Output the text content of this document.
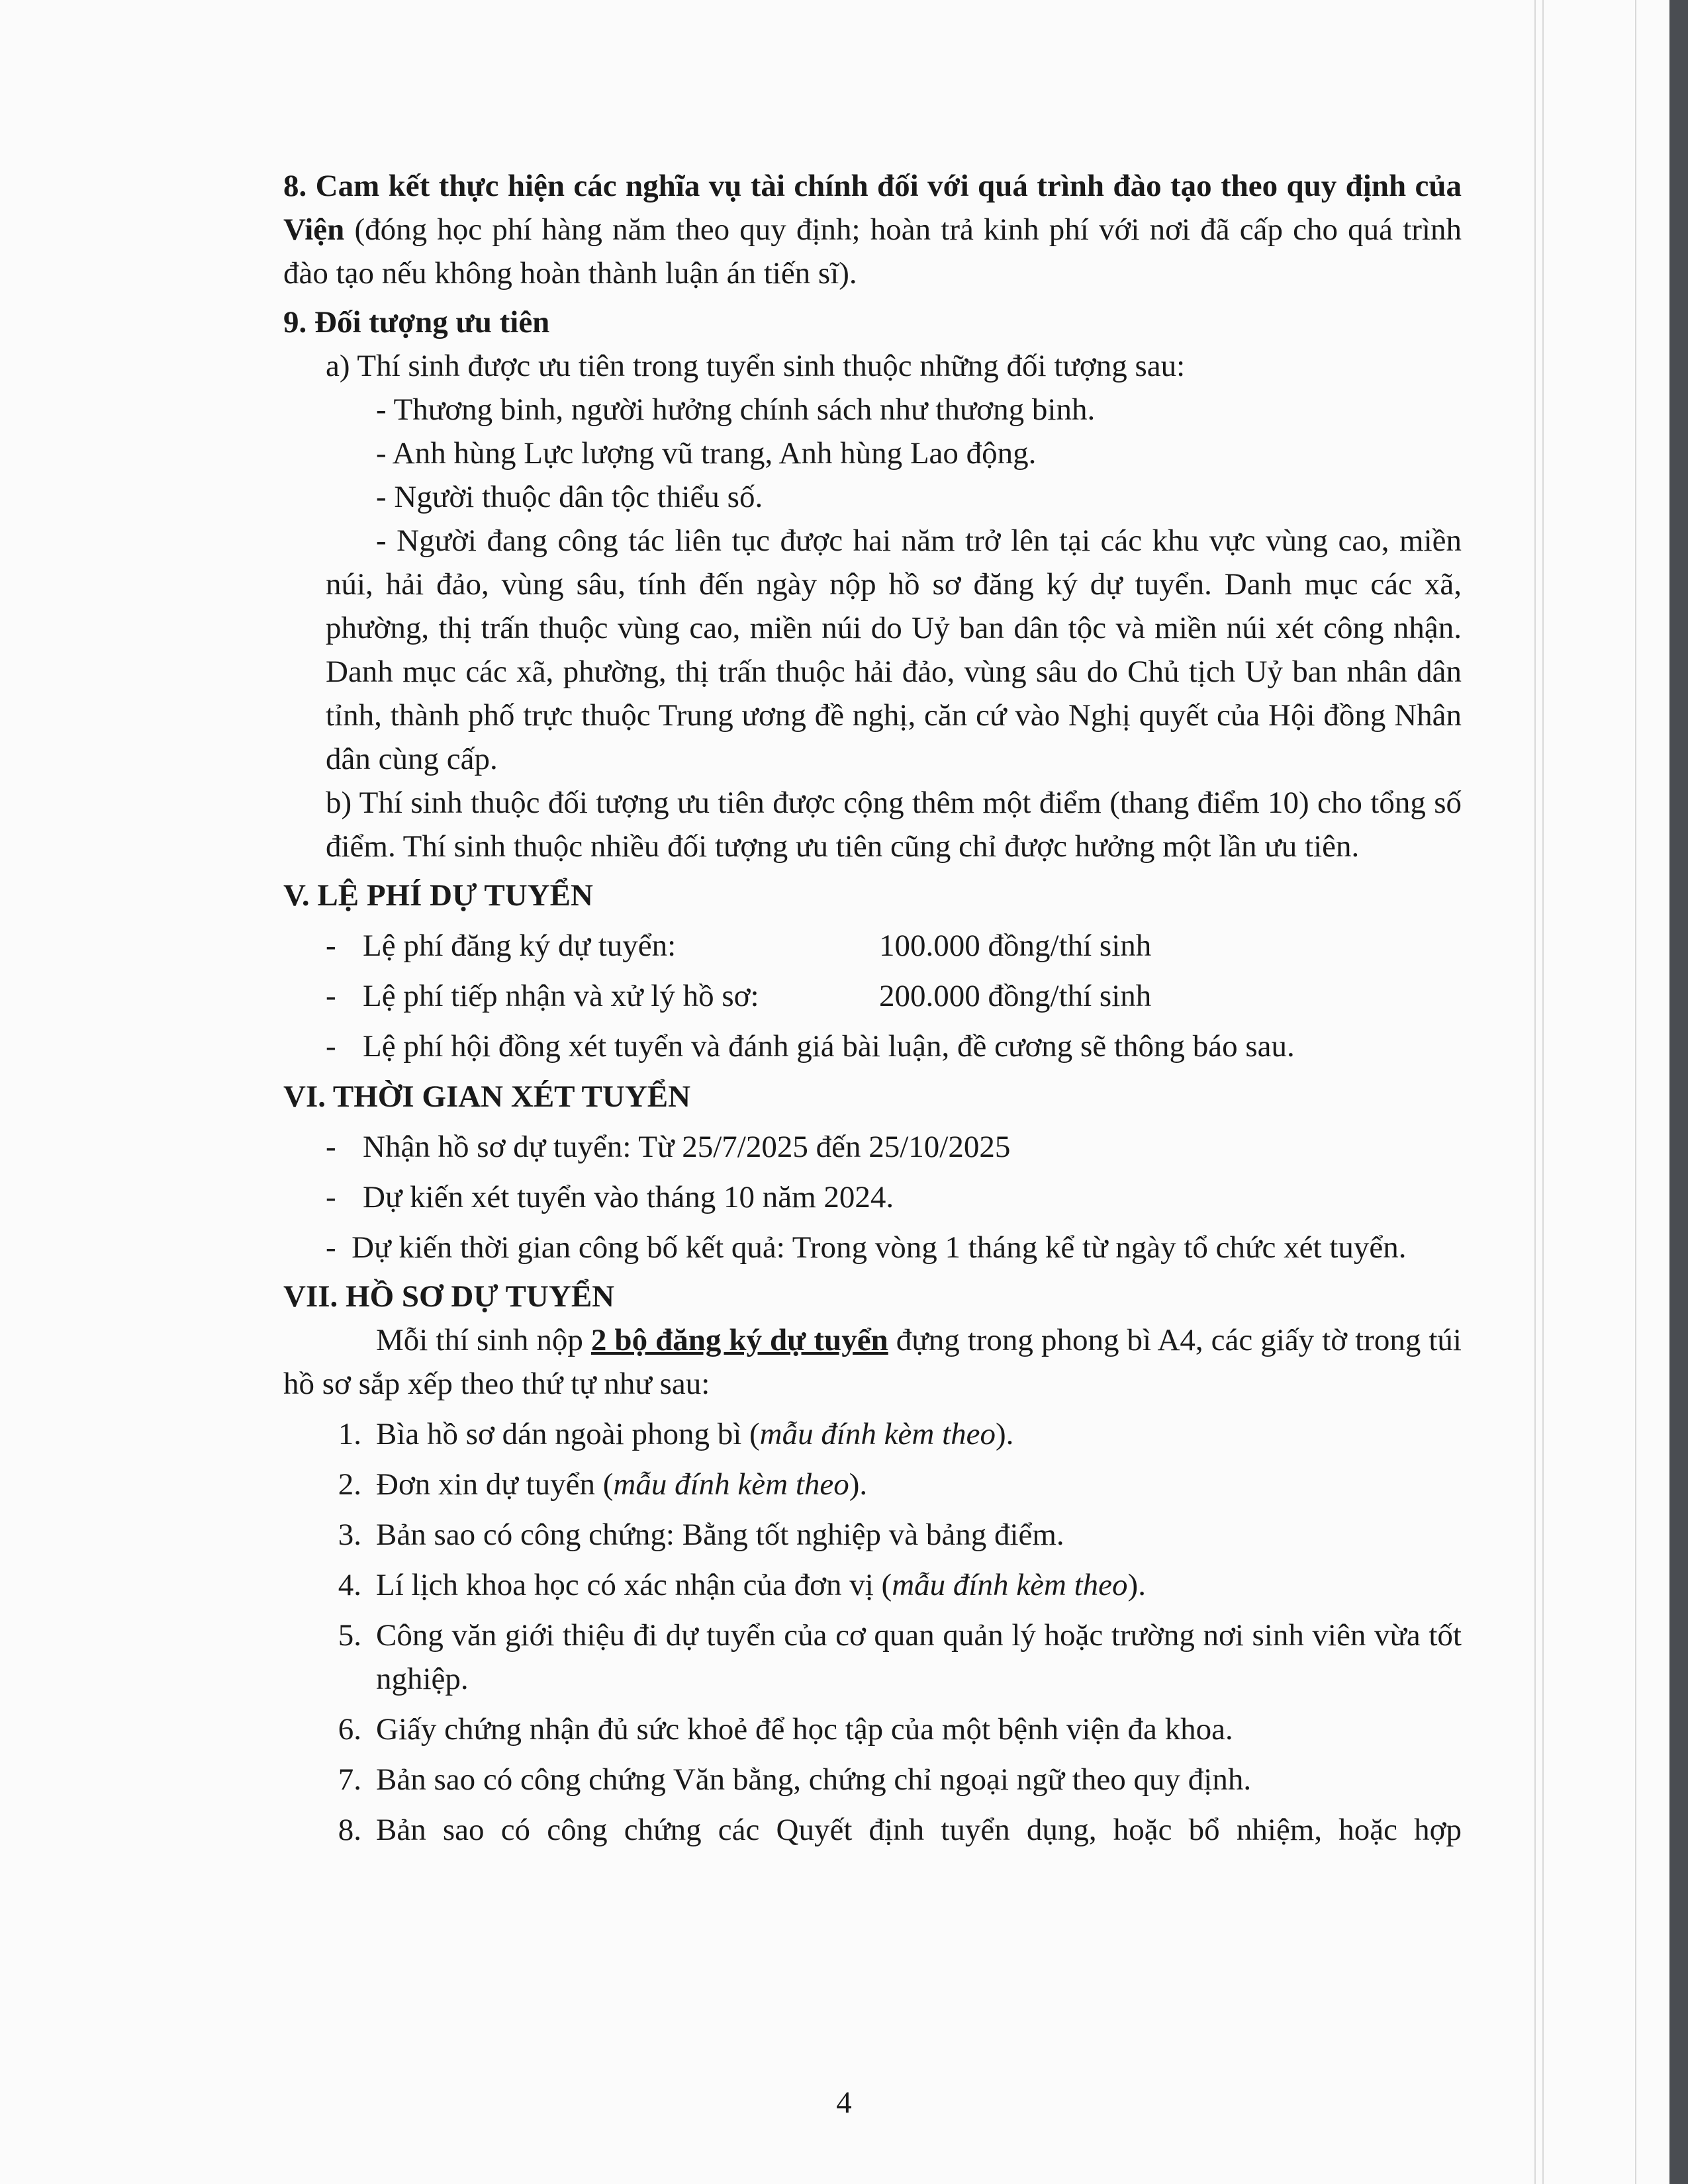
8. Cam kết thực hiện các nghĩa vụ tài chính đối với quá trình đào tạo theo quy định của Viện (đóng học phí hàng năm theo quy định; hoàn trả kinh phí với nơi đã cấp cho quá trình đào tạo nếu không hoàn thành luận án tiến sĩ).

9. Đối tượng ưu tiên

a) Thí sinh được ưu tiên trong tuyển sinh thuộc những đối tượng sau:

- Thương binh, người hưởng chính sách như thương binh.

- Anh hùng Lực lượng vũ trang, Anh hùng Lao động.

- Người thuộc dân tộc thiểu số.

- Người đang công tác liên tục được hai năm trở lên tại các khu vực vùng cao, miền núi, hải đảo, vùng sâu, tính đến ngày nộp hồ sơ đăng ký dự tuyển. Danh mục các xã, phường, thị trấn thuộc vùng cao, miền núi do Uỷ ban dân tộc và miền núi xét công nhận. Danh mục các xã, phường, thị trấn thuộc hải đảo, vùng sâu do Chủ tịch Uỷ ban nhân dân tỉnh, thành phố trực thuộc Trung ương đề nghị, căn cứ vào Nghị quyết của Hội đồng Nhân dân cùng cấp.

b) Thí sinh thuộc đối tượng ưu tiên được cộng thêm một điểm (thang điểm 10) cho tổng số điểm. Thí sinh thuộc nhiều đối tượng ưu tiên cũng chỉ được hưởng một lần ưu tiên.

V. LỆ PHÍ DỰ TUYỂN

- Lệ phí đăng ký dự tuyển:	100.000 đồng/thí sinh
- Lệ phí tiếp nhận và xử lý hồ sơ:	200.000 đồng/thí sinh
- Lệ phí hội đồng xét tuyển và đánh giá bài luận, đề cương sẽ thông báo sau.

VI. THỜI GIAN XÉT TUYỂN

- Nhận hồ sơ dự tuyển: Từ 25/7/2025 đến 25/10/2025
- Dự kiến xét tuyển vào tháng 10 năm 2024.

-  Dự kiến thời gian công bố kết quả: Trong vòng 1 tháng kể từ ngày tổ chức xét tuyển.

VII. HỒ SƠ DỰ TUYỂN

Mỗi thí sinh nộp 2 bộ đăng ký dự tuyển đựng trong phong bì A4, các giấy tờ trong túi hồ sơ sắp xếp theo thứ tự như sau:

1. Bìa hồ sơ dán ngoài phong bì (mẫu đính kèm theo).
2. Đơn xin dự tuyển (mẫu đính kèm theo).
3. Bản sao có công chứng: Bằng tốt nghiệp và bảng điểm.
4. Lí lịch khoa học có xác nhận của đơn vị (mẫu đính kèm theo).
5. Công văn giới thiệu đi dự tuyển của cơ quan quản lý hoặc trường nơi sinh viên vừa tốt nghiệp.
6. Giấy chứng nhận đủ sức khoẻ để học tập của một bệnh viện đa khoa.
7. Bản sao có công chứng Văn bằng, chứng chỉ ngoại ngữ theo quy định.
8. Bản sao có công chứng các Quyết định tuyển dụng, hoặc bổ nhiệm, hoặc hợp
4
